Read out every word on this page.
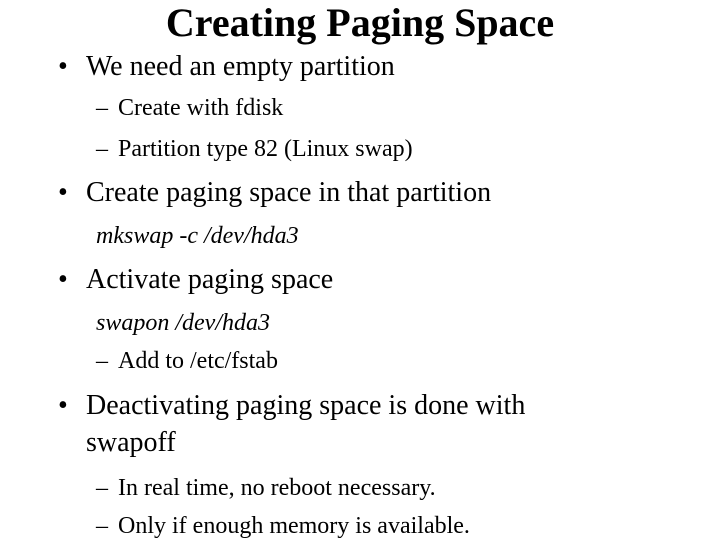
Creating Paging Space
• We need an empty partition
– Create with fdisk
– Partition type 82 (Linux swap)
• Create paging space in that partition
mkswap -c /dev/hda3
• Activate paging space
swapon /dev/hda3
– Add to /etc/fstab
• Deactivating paging space is done with
swapoff
– In real time, no reboot necessary.
– Only if enough memory is available.
